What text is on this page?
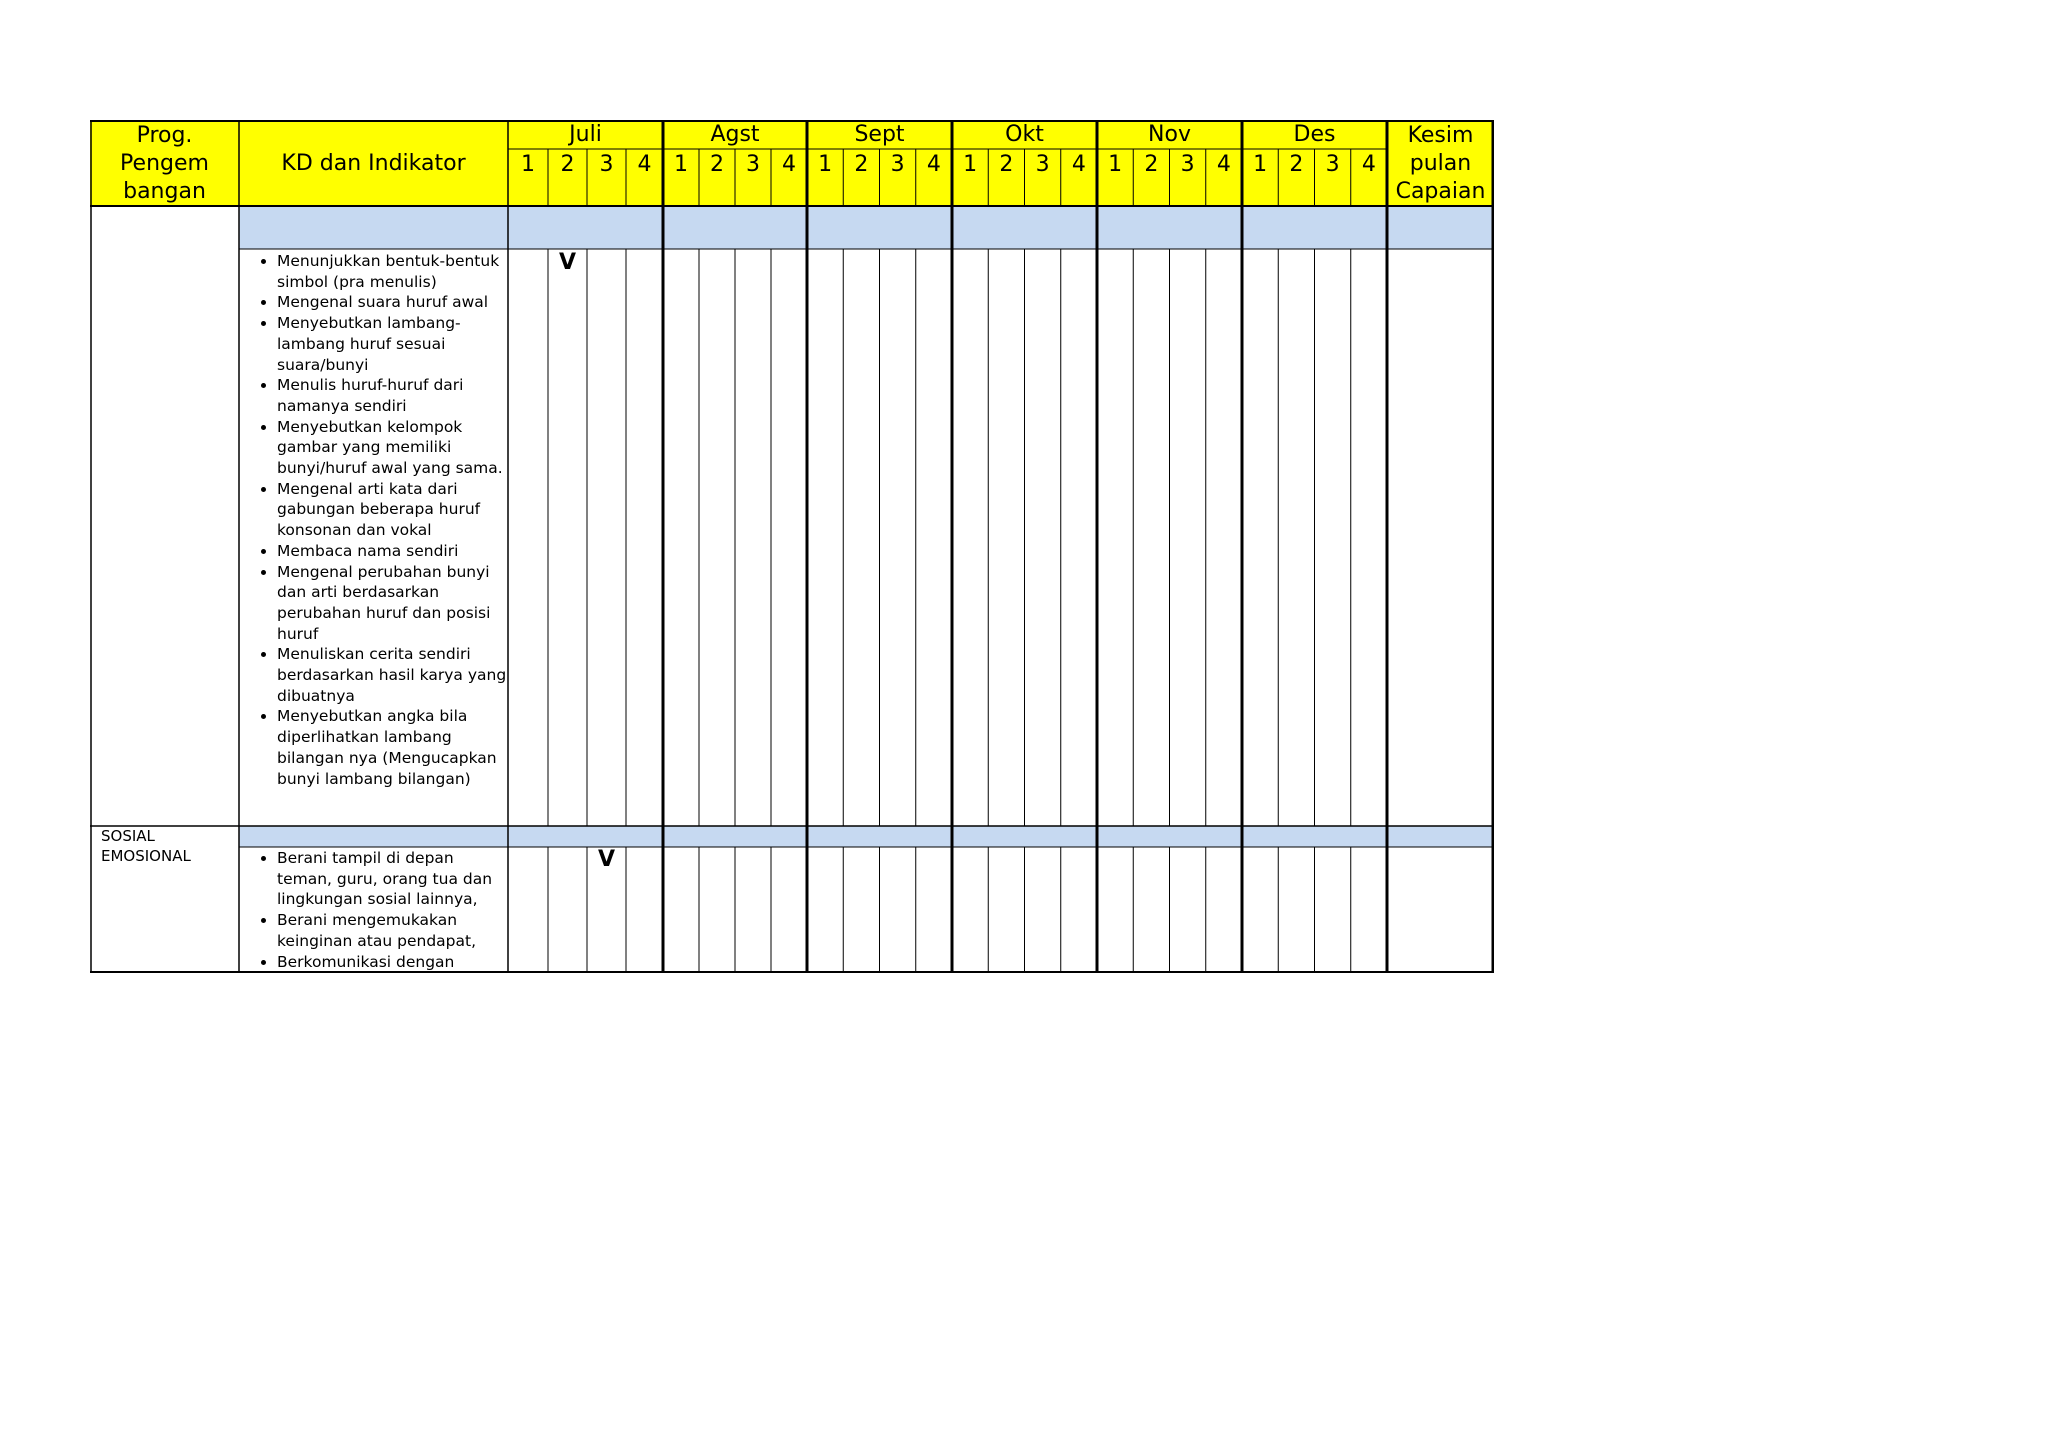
Prog.
Pengem
bangan
KD dan Indikator
Juli	Agst	Sept	Okt	Nov	Des
1	2	3	4	1	2	3	4	1	2	3	4	1	2	3	4	1	2	3	4	1	2	3	4
Kesim
pulan
Capaian
• Menunjukkan bentuk-bentuk simbol (pra menulis)
• Mengenal suara huruf awal
• Menyebutkan lambang-lambang huruf sesuai suara/bunyi
• Menulis huruf-huruf dari namanya sendiri
• Menyebutkan kelompok gambar yang memiliki bunyi/huruf awal yang sama.
• Mengenal arti kata dari gabungan beberapa huruf konsonan dan vokal
• Membaca nama sendiri
• Mengenal perubahan bunyi dan arti berdasarkan perubahan huruf dan posisi huruf
• Menuliskan cerita sendiri berdasarkan hasil karya yang dibuatnya
• Menyebutkan angka bila diperlihatkan lambang bilangan nya (Mengucapkan bunyi lambang bilangan)
SOSIAL
EMOSIONAL
•	Berani tampil di depan teman, guru, orang tua dan lingkungan sosial lainnya,
• Berani mengemukakan keinginan atau pendapat,
• Berkomunikasi dengan
V
V
